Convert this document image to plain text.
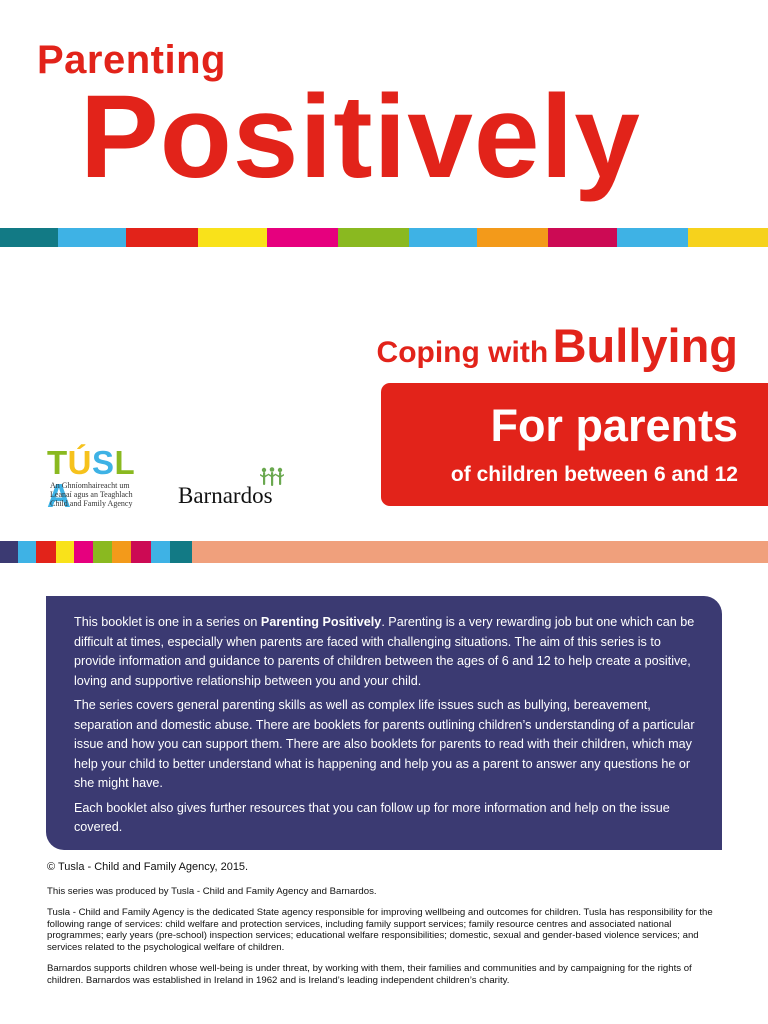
Parenting
Positively
Coping with Bullying
For parents
of children between 6 and 12
TÚSLA
An Ghníomhaireacht um
Leanaí agus an Teaghlach
Child and Family Agency Barnardos

This booklet is one in a series on Parenting Positively. Parenting is a very rewarding job but one which can be difficult at times, especially when parents are faced with challenging situations. The aim of this series is to provide information and guidance to parents of children between the ages of 6 and 12 to help create a positive, loving and supportive relationship between you and your child.

The series covers general parenting skills as well as complex life issues such as bullying, bereavement, separation and domestic abuse. There are booklets for parents outlining children’s understanding of a particular issue and how you can support them. There are also booklets for parents to read with their children, which may help your child to better understand what is happening and help you as a parent to answer any questions he or she might have.

Each booklet also gives further resources that you can follow up for more information and help on the issue covered.

© Tusla - Child and Family Agency, 2015.

This series was produced by Tusla - Child and Family Agency and Barnardos.

Tusla - Child and Family Agency is the dedicated State agency responsible for improving wellbeing and outcomes for children. Tusla has responsibility for the following range of services: child welfare and protection services, including family support services; family resource centres and associated national programmes; early years (pre-school) inspection services; educational welfare responsibilities; domestic, sexual and gender-based violence services; and services related to the psychological welfare of children.

Barnardos supports children whose well-being is under threat, by working with them, their families and communities and by campaigning for the rights of children. Barnardos was established in Ireland in 1962 and is Ireland’s leading independent children’s charity.
